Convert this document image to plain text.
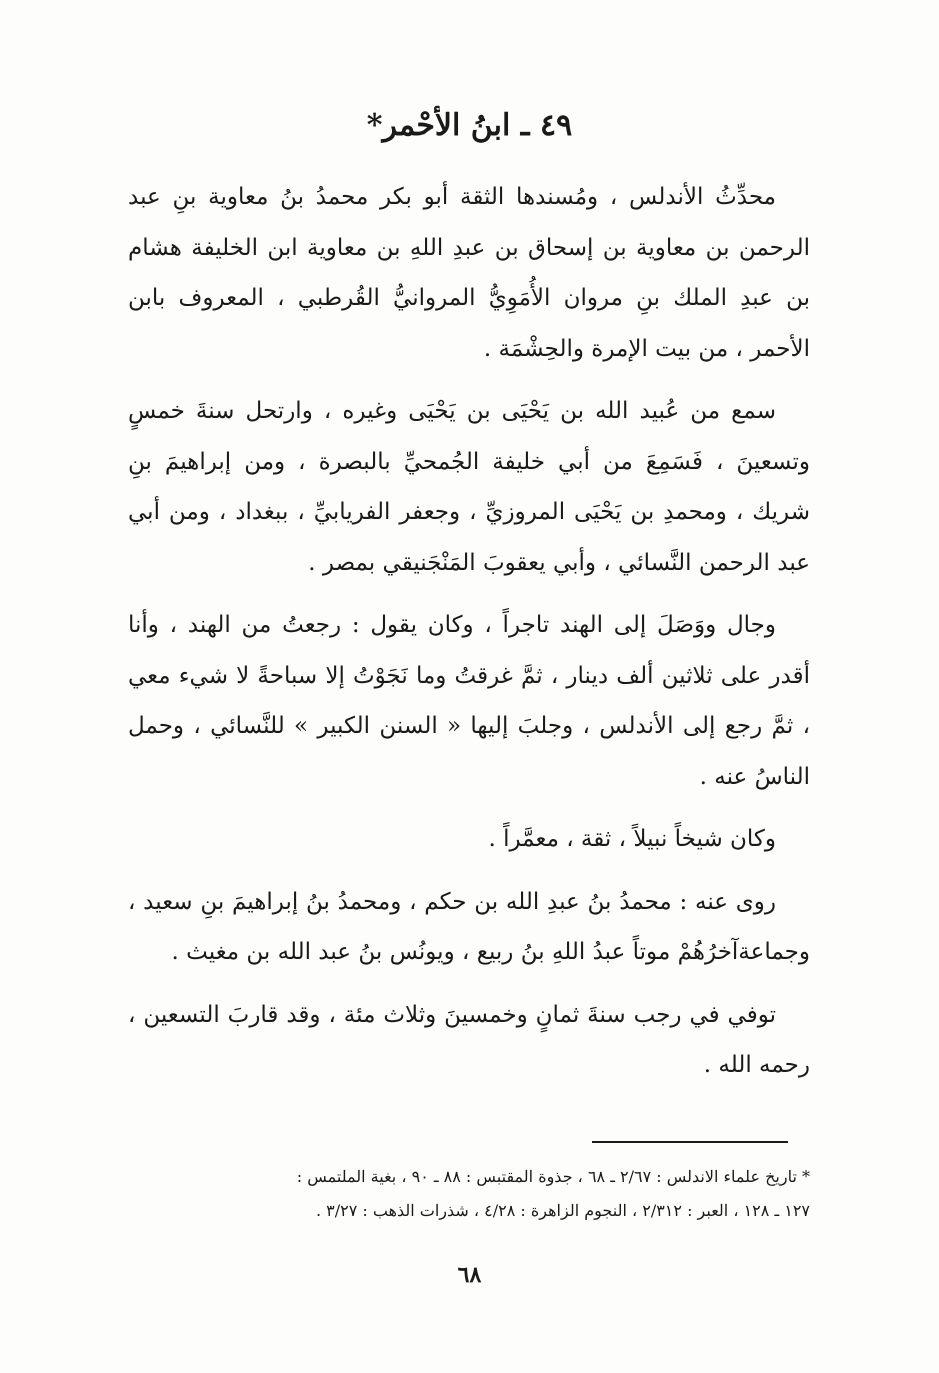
٤٩ ـ ابنُ الأحْمر*

محدِّثُ الأندلس ، ومُسندها الثقة أبو بكر محمدُ بنُ معاوية بنِ عبد الرحمن بن معاوية بن إسحاق بن عبدِ اللهِ بن معاوية ابن الخليفة هشام بن عبدِ الملك بنِ مروان الأُمَوِيُّ المروانيُّ القُرطبي ، المعروف بابن الأحمر ، من بيت الإمرة والحِشْمَة .

سمع من عُبيد الله بن يَحْيَى بن يَحْيَى وغيره ، وارتحل سنةَ خمسٍ وتسعينَ ، فَسَمِعَ من أبي خليفة الجُمحيِّ بالبصرة ، ومن إبراهيمَ بنِ شريك ، ومحمدِ بن يَحْيَى المروزيِّ ، وجعفر الفريابيِّ ، ببغداد ، ومن أبي عبد الرحمن النَّسائي ، وأبي يعقوبَ المَنْجَنيقي بمصر .

وجال ووَصَلَ إلى الهند تاجراً ، وكان يقول : رجعتُ من الهند ، وأنا أقدر على ثلاثين ألف دينار ، ثمَّ غرقتُ وما نَجَوْتُ إلا سباحةً لا شيء معي ، ثمَّ رجع إلى الأندلس ، وجلبَ إليها « السنن الكبير » للنَّسائي ، وحمل الناسُ عنه .

وكان شيخاً نبيلاً ، ثقة ، معمَّراً .

روى عنه : محمدُ بنُ عبدِ الله بن حكم ، ومحمدُ بنُ إبراهيمَ بنِ سعيد ، وجماعةآخرُهُمْ موتاً عبدُ اللهِ بنُ ربيع ، ويونُس بنُ عبد الله بن مغيث .

توفي في رجب سنةَ ثمانٍ وخمسينَ وثلاث مئة ، وقد قاربَ التسعين ، رحمه الله .

* تاريخ علماء الاندلس : ٢/٦٧ ـ ٦٨ ، جذوة المقتبس : ٨٨ ـ ٩٠ ، بغية الملتمس :

١٢٧ ـ ١٢٨ ، العبر : ٢/٣١٢ ، النجوم الزاهرة : ٤/٢٨ ، شذرات الذهب : ٣/٢٧ .

٦٨
